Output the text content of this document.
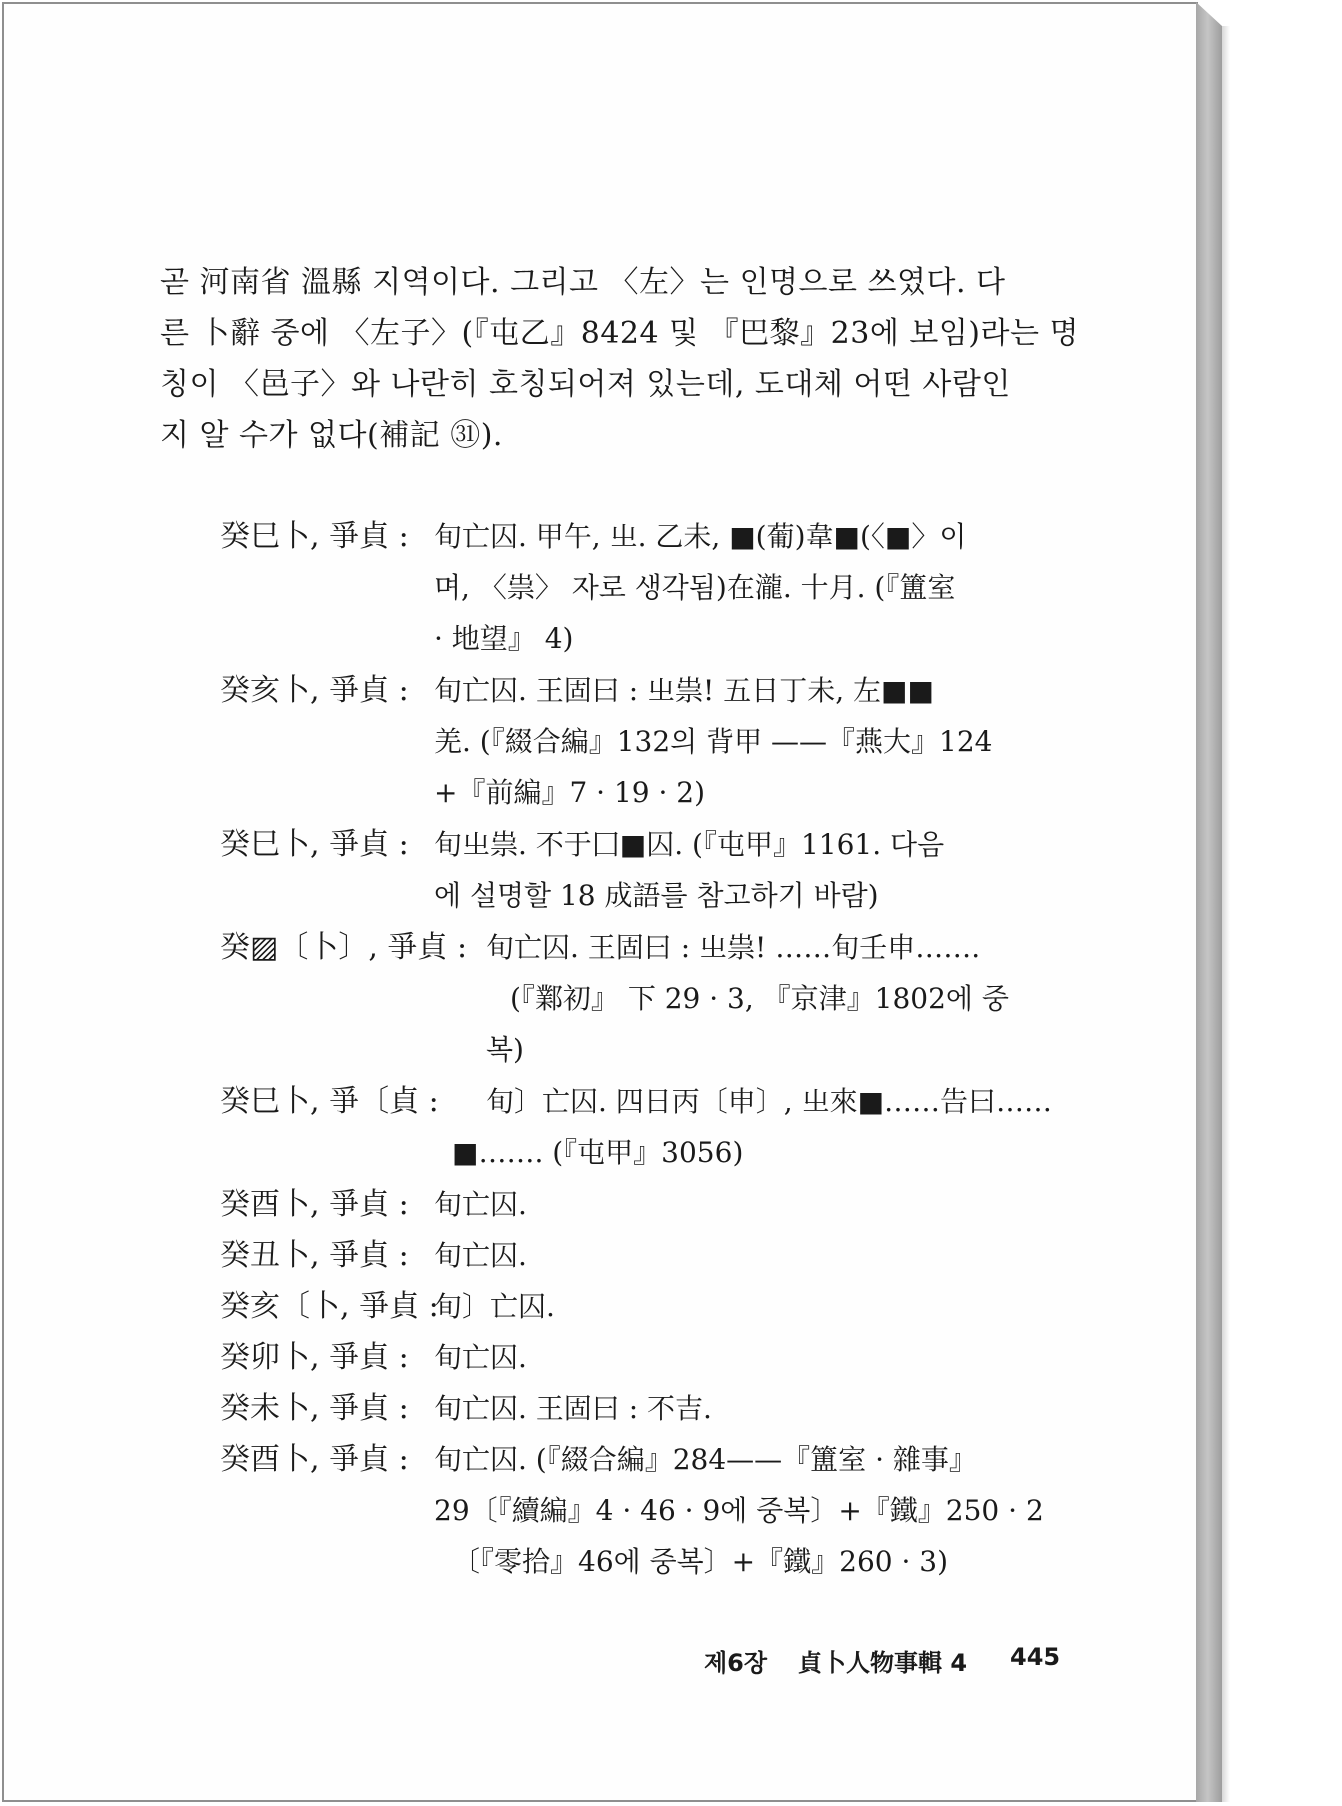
곧 河南省 溫縣 지역이다. 그리고 〈左〉는 인명으로 쓰였다. 다
른 卜辭 중에 〈左子〉(『屯乙』8424 및 『巴黎』23에 보임)라는 명
칭이 〈邑子〉와 나란히 호칭되어져 있는데, 도대체 어떤 사람인
지 알 수가 없다(補記 ㉛).
癸巳卜, 爭貞 : 旬亡囚. 甲午, 㞢. 乙未, ■(葡)韋■(〈■〉이
며, 〈祟〉 자로 생각됨)在瀧. 十月. (『簠室
· 地望』 4)
癸亥卜, 爭貞 : 旬亡囚. 王固曰 : 㞢祟! 五日丁未, 左■■
羌. (『綴合編』132의 背甲 ——『燕大』124
+『前編』7 · 19 · 2)
癸巳卜, 爭貞 : 旬㞢祟. 不于囗■囚. (『屯甲』1161. 다음
에 설명할 18 成語를 참고하기 바람)
癸▨〔卜〕, 爭貞 : 旬亡囚. 王固曰 : 㞢祟! ……旬壬申…….
(『鄴初』 下 29 · 3, 『京津』1802에 중
복)
癸巳卜, 爭〔貞 : 旬〕亡囚. 四日丙〔申〕, 㞢來■……告曰……
■……. (『屯甲』3056)
癸酉卜, 爭貞 : 旬亡囚.
癸丑卜, 爭貞 : 旬亡囚.
癸亥〔卜, 爭貞 :
旬〕亡囚.
癸卯卜, 爭貞 : 旬亡囚.
癸未卜, 爭貞 : 旬亡囚. 王固曰 : 不吉.
癸酉卜, 爭貞 : 旬亡囚. (『綴合編』284——『簠室 · 雜事』
29〔『續編』4 · 46 · 9에 중복〕+『鐵』250 · 2
〔『零拾』46에 중복〕+『鐵』260 · 3)
제6장 貞卜人物事輯 4 445
